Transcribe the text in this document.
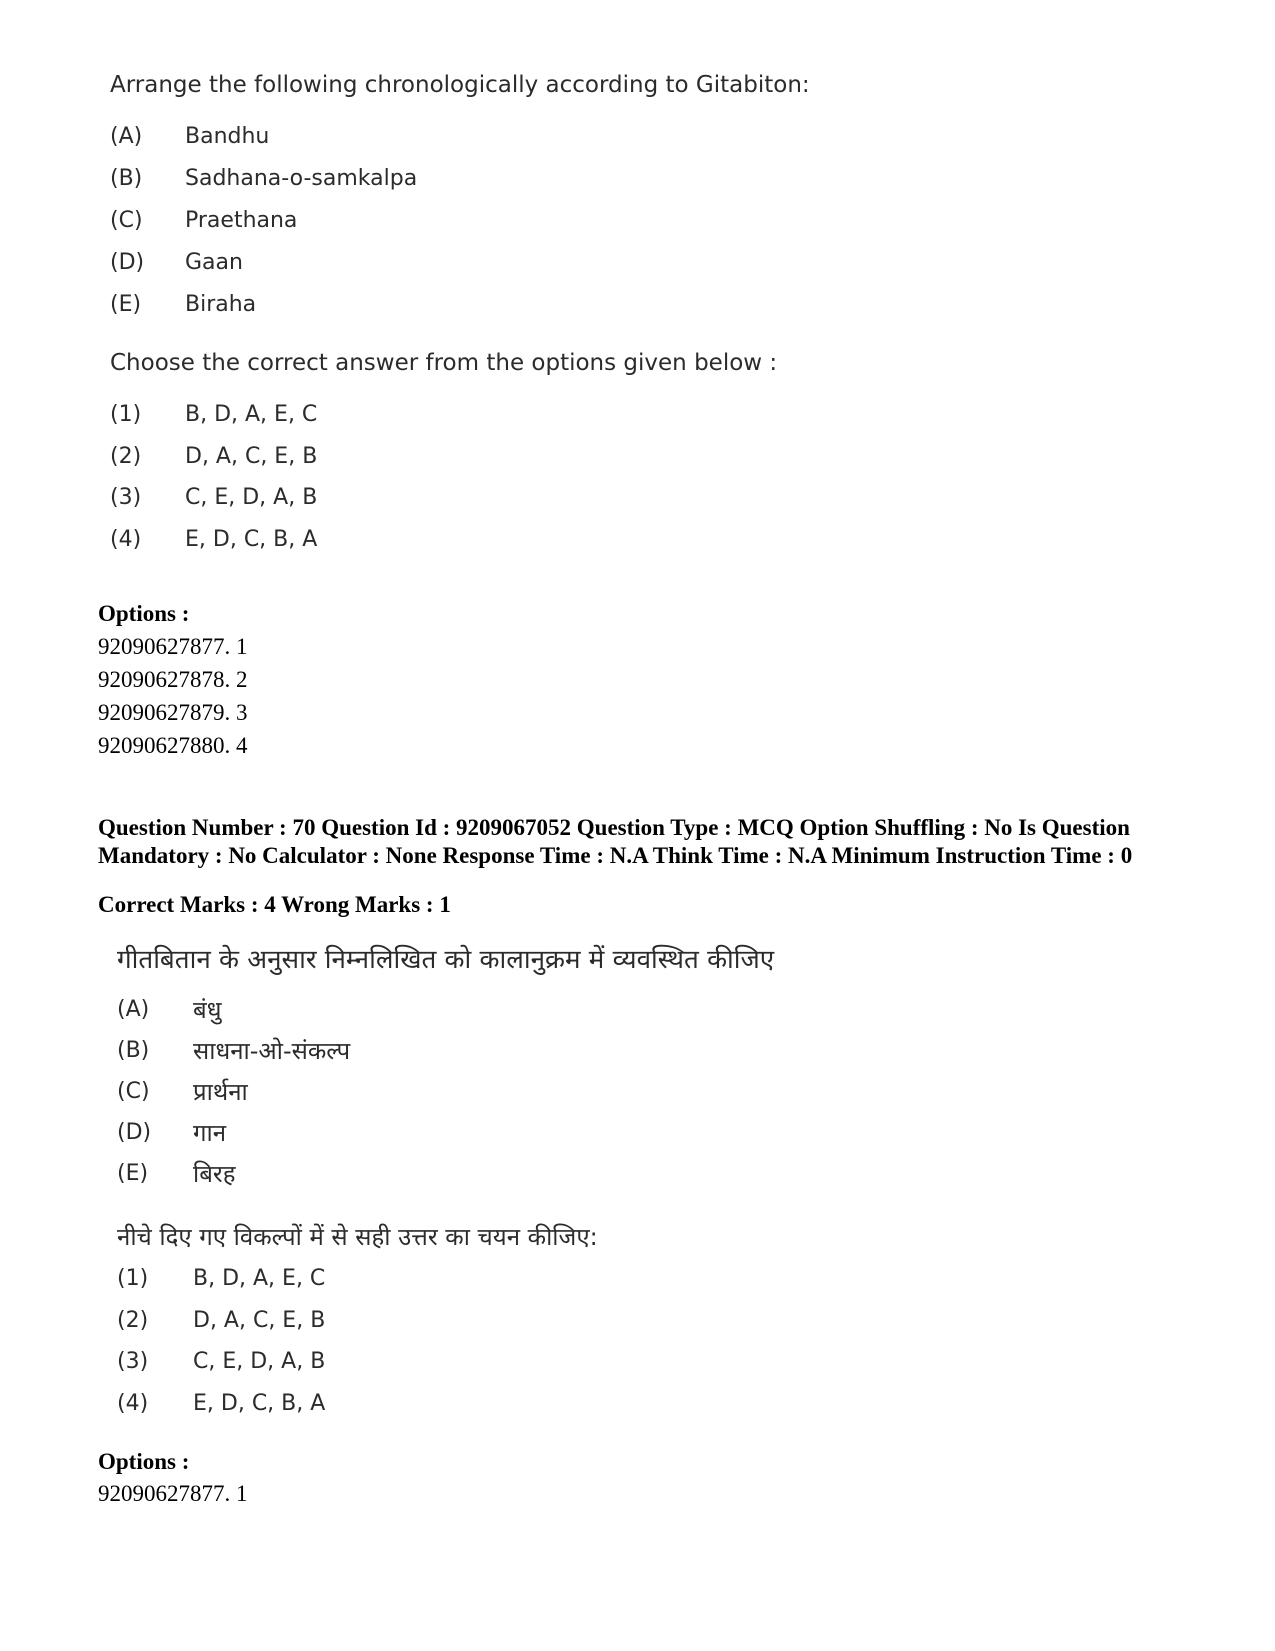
Arrange the following chronologically according to Gitabiton:
(A) Bandhu
(B) Sadhana-o-samkalpa
(C) Praethana
(D) Gaan
(E) Biraha
Choose the correct answer from the options given below :
(1) B, D, A, E, C
(2) D, A, C, E, B
(3) C, E, D, A, B
(4) E, D, C, B, A
Options :
92090627877. 1
92090627878. 2
92090627879. 3
92090627880. 4
Question Number : 70 Question Id : 9209067052 Question Type : MCQ Option Shuffling : No Is Question Mandatory : No Calculator : None Response Time : N.A Think Time : N.A Minimum Instruction Time : 0
Correct Marks : 4 Wrong Marks : 1
गीतबितान के अनुसार निम्नलिखित को कालानुक्रम में व्यवस्थित कीजिए
(A) बंधु
(B) साधना-ओ-संकल्प
(C) प्रार्थना
(D) गान
(E) बिरह
नीचे दिए गए विकल्पों में से सही उत्तर का चयन कीजिए:
(1) B, D, A, E, C
(2) D, A, C, E, B
(3) C, E, D, A, B
(4) E, D, C, B, A
Options :
92090627877. 1
